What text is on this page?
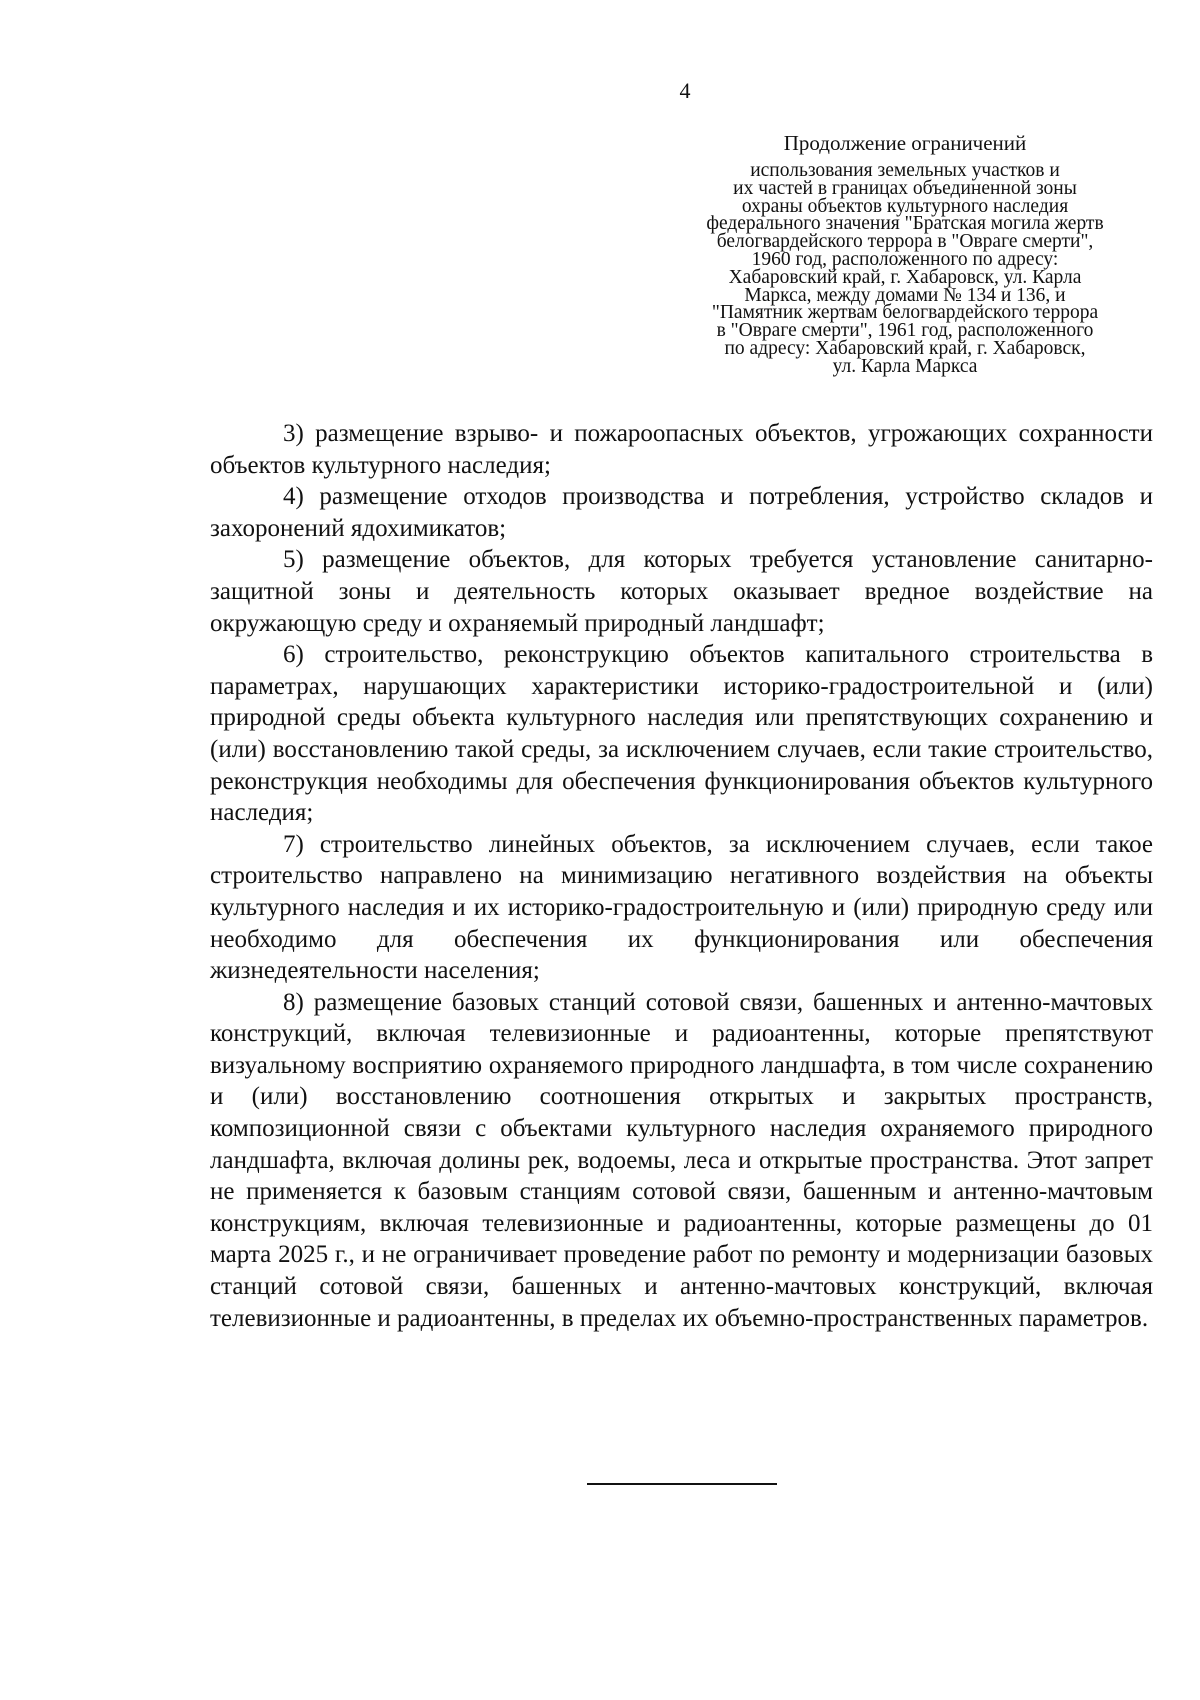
4
Продолжение ограничений
использования земельных участков и
их частей в границах объединенной зоны
охраны объектов культурного наследия
федерального значения "Братская могила жертв
белогвардейского террора в "Овраге смерти",
1960 год, расположенного по адресу:
Хабаровский край, г. Хабаровск, ул. Карла
Маркса, между домами № 134 и 136, и
"Памятник жертвам белогвардейского террора
в "Овраге смерти", 1961 год, расположенного
по адресу: Хабаровский край, г. Хабаровск,
ул. Карла Маркса

3) размещение взрыво- и пожароопасных объектов, угрожающих сохранности объектов культурного наследия;

4) размещение отходов производства и потребления, устройство складов и захоронений ядохимикатов;

5) размещение объектов, для которых требуется установление санитарно-защитной зоны и деятельность которых оказывает вредное воздействие на окружающую среду и охраняемый природный ландшафт;

6) строительство, реконструкцию объектов капитального строительства в параметрах, нарушающих характеристики историко-градостроительной и (или) природной среды объекта культурного наследия или препятствующих сохранению и (или) восстановлению такой среды, за исключением случаев, если такие строительство, реконструкция необходимы для обеспечения функционирования объектов культурного наследия;

7) строительство линейных объектов, за исключением случаев, если такое строительство направлено на минимизацию негативного воздействия на объекты культурного наследия и их историко-градостроительную и (или) природную среду или необходимо для обеспечения их функционирования или обеспечения жизнедеятельности населения;

8) размещение базовых станций сотовой связи, башенных и антенно-мачтовых конструкций, включая телевизионные и радиоантенны, которые препятствуют визуальному восприятию охраняемого природного ландшафта, в том числе сохранению и (или) восстановлению соотношения открытых и закрытых пространств, композиционной связи с объектами культурного наследия охраняемого природного ландшафта, включая долины рек, водоемы, леса и открытые пространства. Этот запрет не применяется к базовым станциям сотовой связи, башенным и антенно-мачтовым конструкциям, включая телевизионные и радиоантенны, которые размещены до 01 марта 2025 г., и не ограничивает проведение работ по ремонту и модернизации базовых станций сотовой связи, башенных и антенно-мачтовых конструкций, включая телевизионные и радиоантенны, в пределах их объемно-пространственных параметров.
